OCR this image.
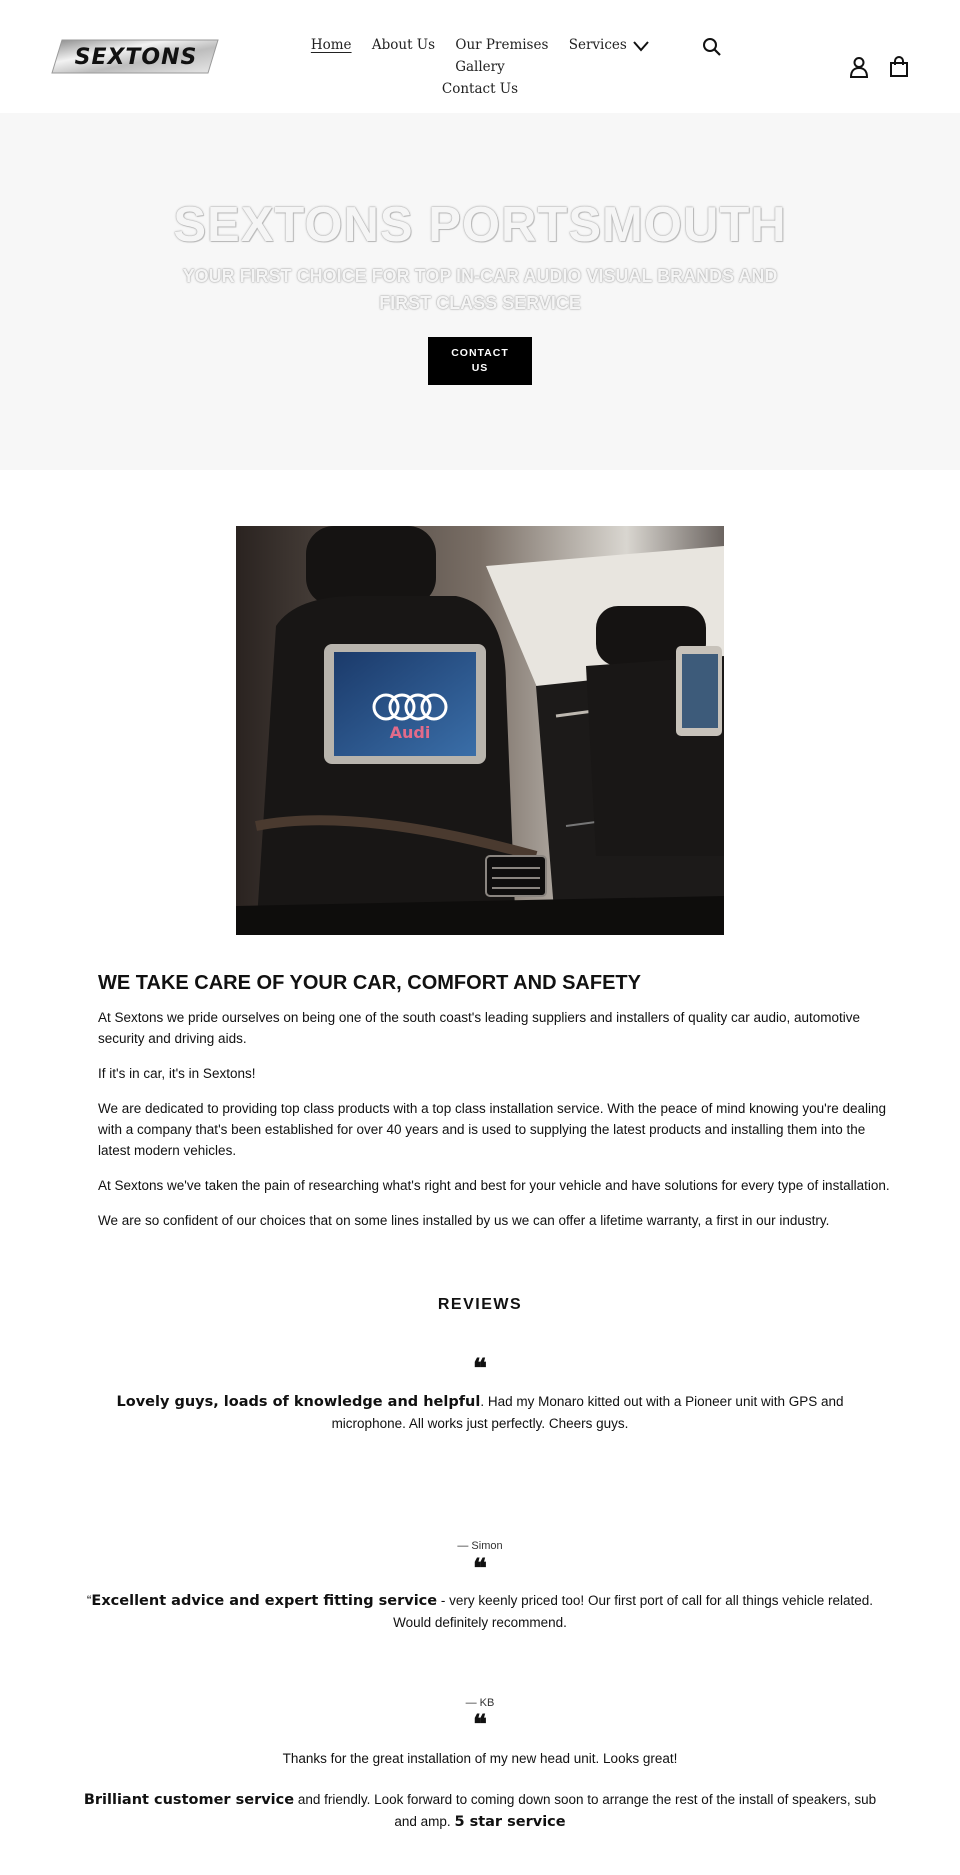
SEXTONS	Home About Us Our Premises Services  Gallery
Contact Us
SEXTONS PORTSMOUTH
YOUR FIRST CHOICE FOR TOP IN-CAR AUDIO VISUAL BRANDS AND FIRST CLASS SERVICE
CONTACT
US
Audi
WE TAKE CARE OF YOUR CAR, COMFORT AND SAFETY

At Sextons we pride ourselves on being one of the south coast's leading suppliers and installers of quality car audio, automotive security and driving aids.

If it's in car, it's in Sextons!

We are dedicated to providing top class products with a top class installation service. With the peace of mind knowing you're dealing with a company that's been established for over 40 years and is used to supplying the latest products and installing them into the latest modern vehicles.

At Sextons we've taken the pain of researching what's right and best for your vehicle and have solutions for every type of installation.

We are so confident of our choices that on some lines installed by us we can offer a lifetime warranty, a first in our industry.

REVIEWS
❝
Lovely guys, loads of knowledge and helpful. Had my Monaro kitted out with a Pioneer unit with GPS and microphone. All works just perfectly. Cheers guys.
— Simon
❝
“Excellent advice and expert fitting service - very keenly priced too! Our first port of call for all things vehicle related. Would definitely recommend.
— KB
❝
Thanks for the great installation of my new head unit. Looks great!
Brilliant customer service and friendly. Look forward to coming down soon to arrange the rest of the install of speakers, sub and amp. 5 star service
